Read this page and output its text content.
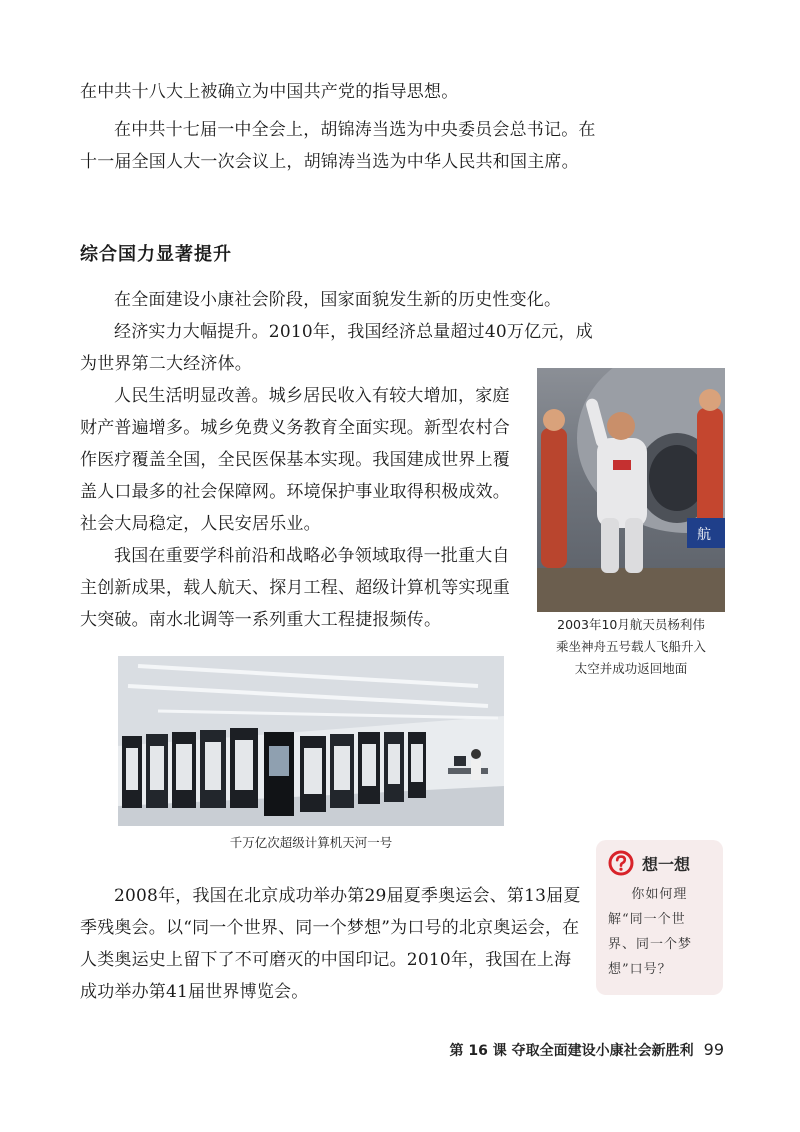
在中共十八大上被确立为中国共产党的指导思想。

在中共十七届一中全会上，胡锦涛当选为中央委员会总书记。在十一届全国人大一次会议上，胡锦涛当选为中华人民共和国主席。

综合国力显著提升

在全面建设小康社会阶段，国家面貌发生新的历史性变化。

经济实力大幅提升。2010年，我国经济总量超过40万亿元，成为世界第二大经济体。

人民生活明显改善。城乡居民收入有较大增加，家庭财产普遍增多。城乡免费义务教育全面实现。新型农村合作医疗覆盖全国，全民医保基本实现。我国建成世界上覆盖人口最多的社会保障网。环境保护事业取得积极成效。社会大局稳定，人民安居乐业。

我国在重要学科前沿和战略必争领域取得一批重大自主创新成果，载人航天、探月工程、超级计算机等实现重大突破。南水北调等一系列重大工程捷报频传。

航
2003年10月航天员杨利伟
乘坐神舟五号载人飞船升入
太空并成功返回地面

千万亿次超级计算机天河一号

想一想

你如何理解“同一个世界、同一个梦想”口号？

2008年，我国在北京成功举办第29届夏季奥运会、第13届夏季残奥会。以“同一个世界、同一个梦想”为口号的北京奥运会，在人类奥运史上留下了不可磨灭的中国印记。2010年，我国在上海成功举办第41届世界博览会。

第 16 课 夺取全面建设小康社会新胜利 99
